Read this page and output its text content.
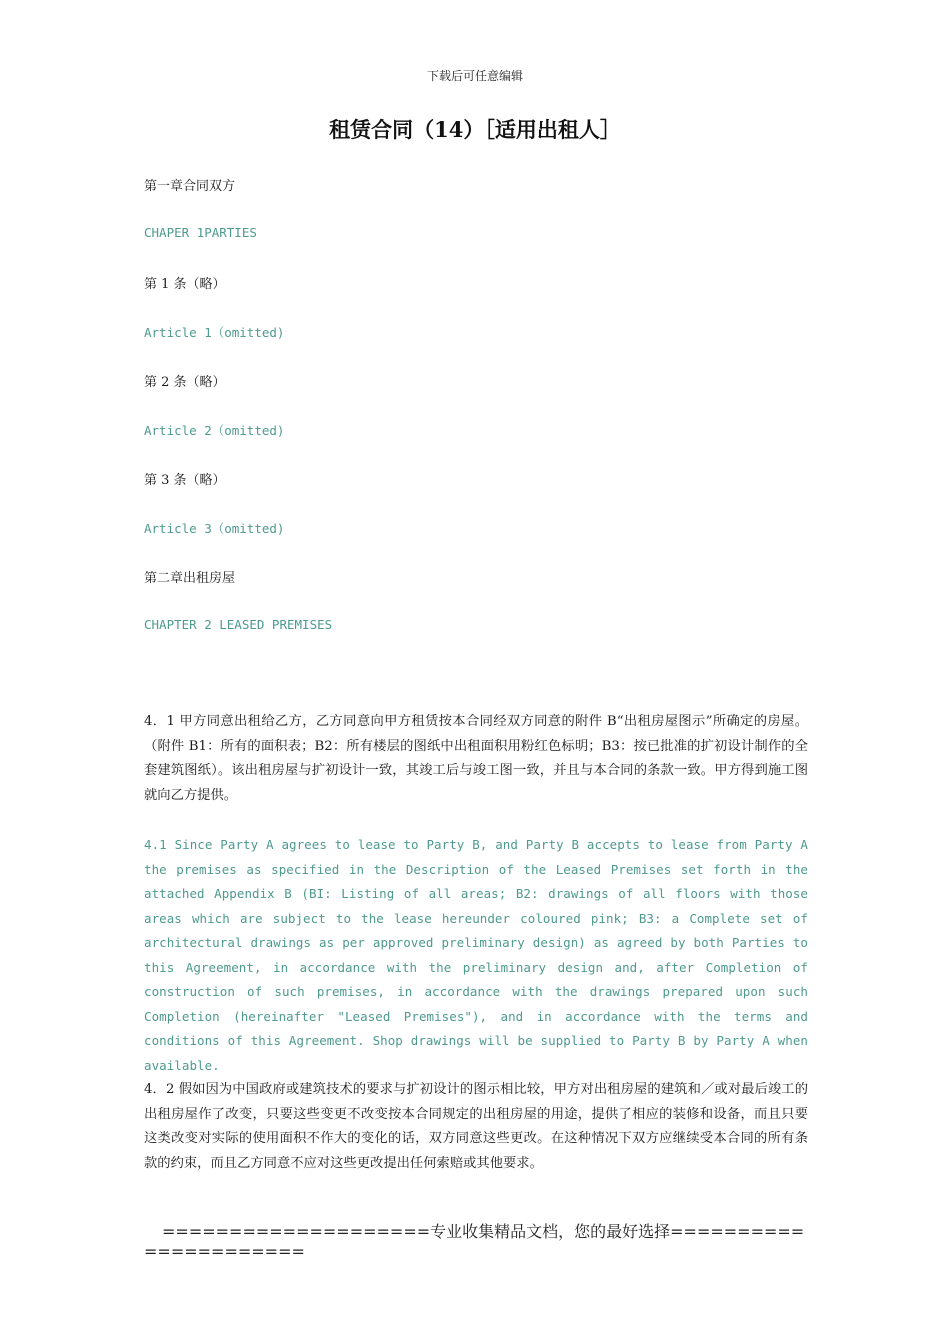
下载后可任意编辑
租赁合同（14）［适用出租人］
第一章合同双方
CHAPER 1PARTIES
第 1 条（略）
Article 1（omitted)
第 2 条（略）
Article 2（omitted)
第 3 条（略）
Article 3（omitted)
第二章出租房屋
CHAPTER 2 LEASED PREMISES
4．1 甲方同意出租给乙方，乙方同意向甲方租赁按本合同经双方同意的附件 B“出租房屋图示”所确定的房屋。（附件 B1：所有的面积表；B2：所有楼层的图纸中出租面积用粉红色标明；B3：按已批准的扩初设计制作的全套建筑图纸）。该出租房屋与扩初设计一致，其竣工后与竣工图一致，并且与本合同的条款一致。甲方得到施工图就向乙方提供。
4.1 Since Party A agrees to lease to Party B, and Party B accepts to lease from Party A the premises as specified in the Description of the Leased Premises set forth in the attached Appendix B (BI: Listing of all areas; B2: drawings of all floors with those areas which are subject to the lease hereunder coloured pink; B3: a Complete set of architectural drawings as per approved preliminary design) as agreed by both Parties to this Agreement, in accordance with the preliminary design and, after Completion of construction of such premises, in accordance with the drawings prepared upon such Completion (hereinafter "Leased Premises"), and in accordance with the terms and conditions of this Agreement. Shop drawings will be supplied to Party B by Party A when available.
4．2 假如因为中国政府或建筑技术的要求与扩初设计的图示相比较，甲方对出租房屋的建筑和／或对最后竣工的出租房屋作了改变，只要这些变更不改变按本合同规定的出租房屋的用途，提供了相应的装修和设备，而且只要这类改变对实际的使用面积不作大的变化的话，双方同意这些更改。在这种情况下双方应继续受本合同的所有条款的约束，而且乙方同意不应对这些更改提出任何索赔或其他要求。
====================专业收集精品文档，您的最好选择======================
